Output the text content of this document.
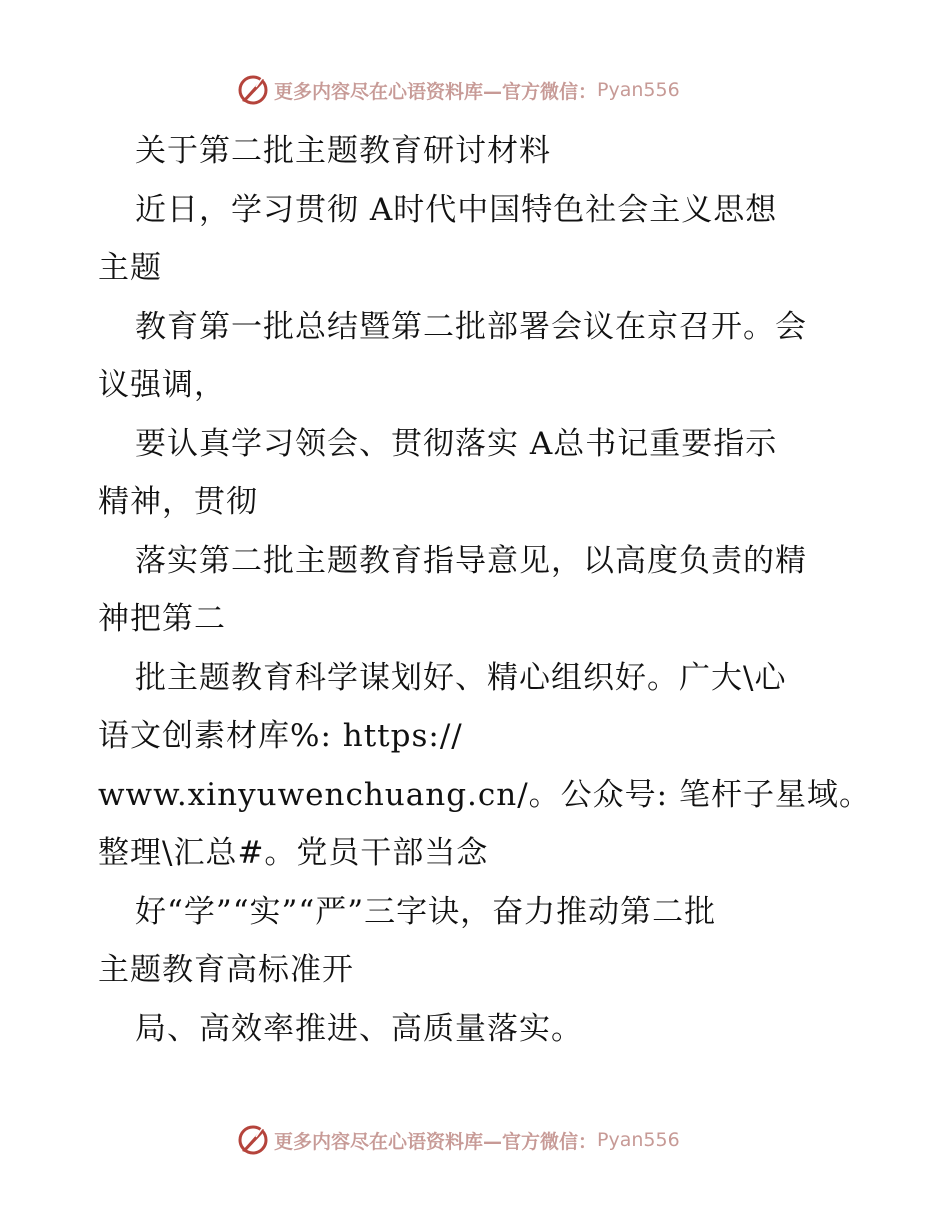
更多内容尽在心语资料库—官方微信： Pyan556
关于第二批主题教育研讨材料
近日，学习贯彻 A时代中国特色社会主义思想
主题
教育第一批总结暨第二批部署会议在京召开。会
议强调，
要认真学习领会、贯彻落实 A总书记重要指示
精神，贯彻
落实第二批主题教育指导意见，以高度负责的精
神把第二
批主题教育科学谋划好、精心组织好。广大\心
语文创素材库%: https://
www.xinyuwenchuang.cn/。公众号: 笔杆子星域。
整理\汇总#。党员干部当念
好“学”“实”“严”三字诀，奋力推动第二批
主题教育高标准开
局、高效率推进、高质量落实。
更多内容尽在心语资料库—官方微信： Pyan556
